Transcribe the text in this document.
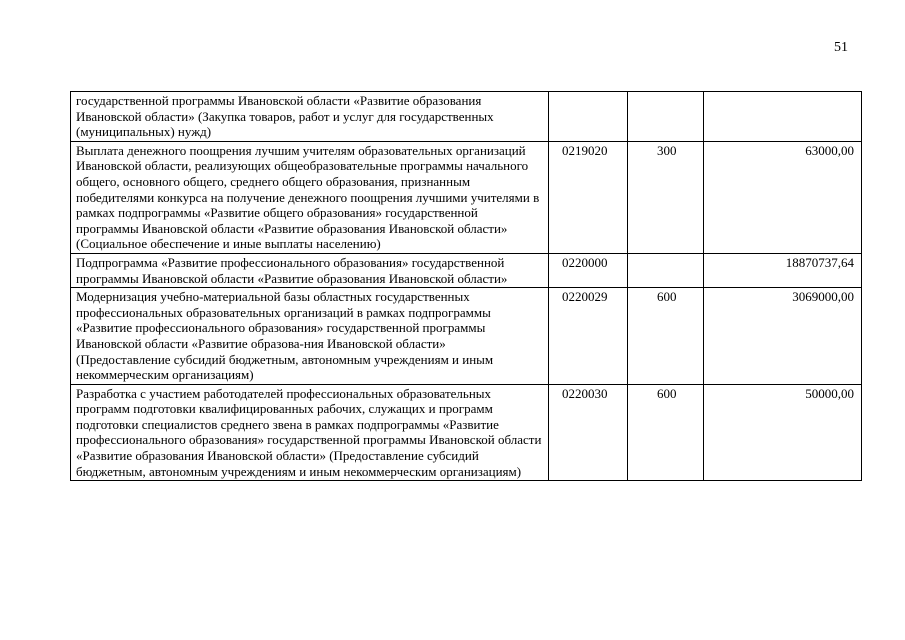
51
государственной программы Ивановской области «Развитие образования Ивановской области» (Закупка товаров, работ и услуг для государственных (муниципальных) нужд)			
Выплата денежного поощрения лучшим учителям образовательных организаций Ивановской области, реализующих общеобразовательные программы начального общего, основного общего, среднего общего образования, признанным победителями конкурса на получение денежного поощрения лучшими учителями в рамках подпрограммы «Развитие общего образования» государственной программы Ивановской области «Развитие образования Ивановской области» (Социальное обеспечение и иные выплаты населению)	0219020	300	63000,00
Подпрограмма «Развитие профессионального образования» государственной программы Ивановской области «Развитие образования Ивановской области»	0220000		18870737,64
Модернизация учебно-материальной базы областных государственных профессиональных образовательных организаций в рамках подпрограммы «Развитие профессионального образования» государственной программы Ивановской области «Развитие образова-ния Ивановской области» (Предоставление субсидий бюджетным, автономным учреждениям и иным некоммерческим организациям)	0220029	600	3069000,00
Разработка с участием работодателей профессиональных образовательных программ подготовки квалифицированных рабочих, служащих и программ подготовки специалистов среднего звена в рамках подпрограммы «Развитие профессионального образования» государственной программы Ивановской области «Развитие образования Ивановской области» (Предоставление субсидий бюджетным, автономным учреждениям и иным некоммерческим организациям)	0220030	600	50000,00
